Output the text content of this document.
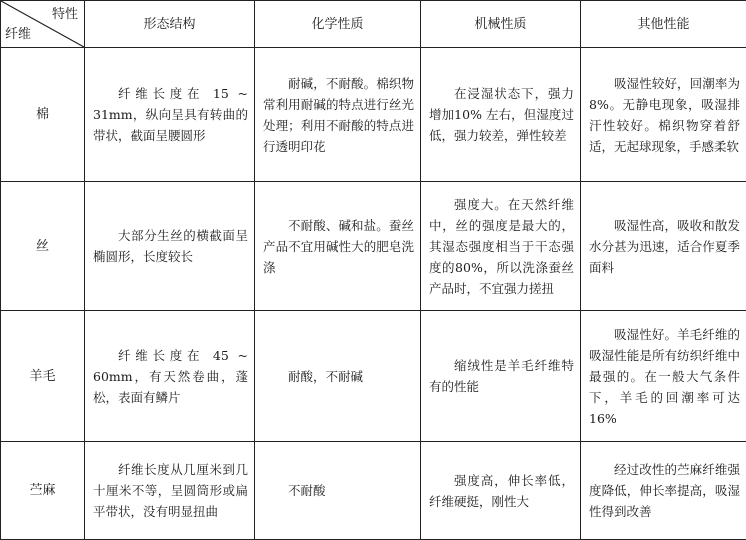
特性
纤维	形态结构	化学性质	机械性质	其他性能
棉	纤维长度在 15 ~ 31mm，纵向呈具有转曲的带状，截面呈腰圆形	耐碱，不耐酸。棉织物常利用耐碱的特点进行丝光处理；利用不耐酸的特点进行透明印花	在浸湿状态下，强力增加10% 左右，但湿度过低，强力较差，弹性较差	吸湿性较好，回潮率为8%。无静电现象，吸湿排汗性较好。棉织物穿着舒适，无起球现象，手感柔软

丝	大部分生丝的横截面呈椭圆形，长度较长	不耐酸、碱和盐。蚕丝产品不宜用碱性大的肥皂洗涤	强度大。在天然纤维中，丝的强度是最大的，其湿态强度相当于干态强度的80%，所以洗涤蚕丝产品时，不宜强力搓扭	吸湿性高，吸收和散发水分甚为迅速，适合作夏季面料

羊毛	纤维长度在 45 ~ 60mm，有天然卷曲，蓬松，表面有鳞片	耐酸，不耐碱	缩绒性是羊毛纤维特有的性能	吸湿性好。羊毛纤维的吸湿性能是所有纺织纤维中最强的。在一般大气条件下，羊毛的回潮率可达 16%

苎麻	纤维长度从几厘米到几十厘米不等，呈圆筒形或扁平带状，没有明显扭曲	不耐酸	强度高，伸长率低，纤维硬挺，刚性大	经过改性的苎麻纤维强度降低，伸长率提高，吸湿性得到改善
